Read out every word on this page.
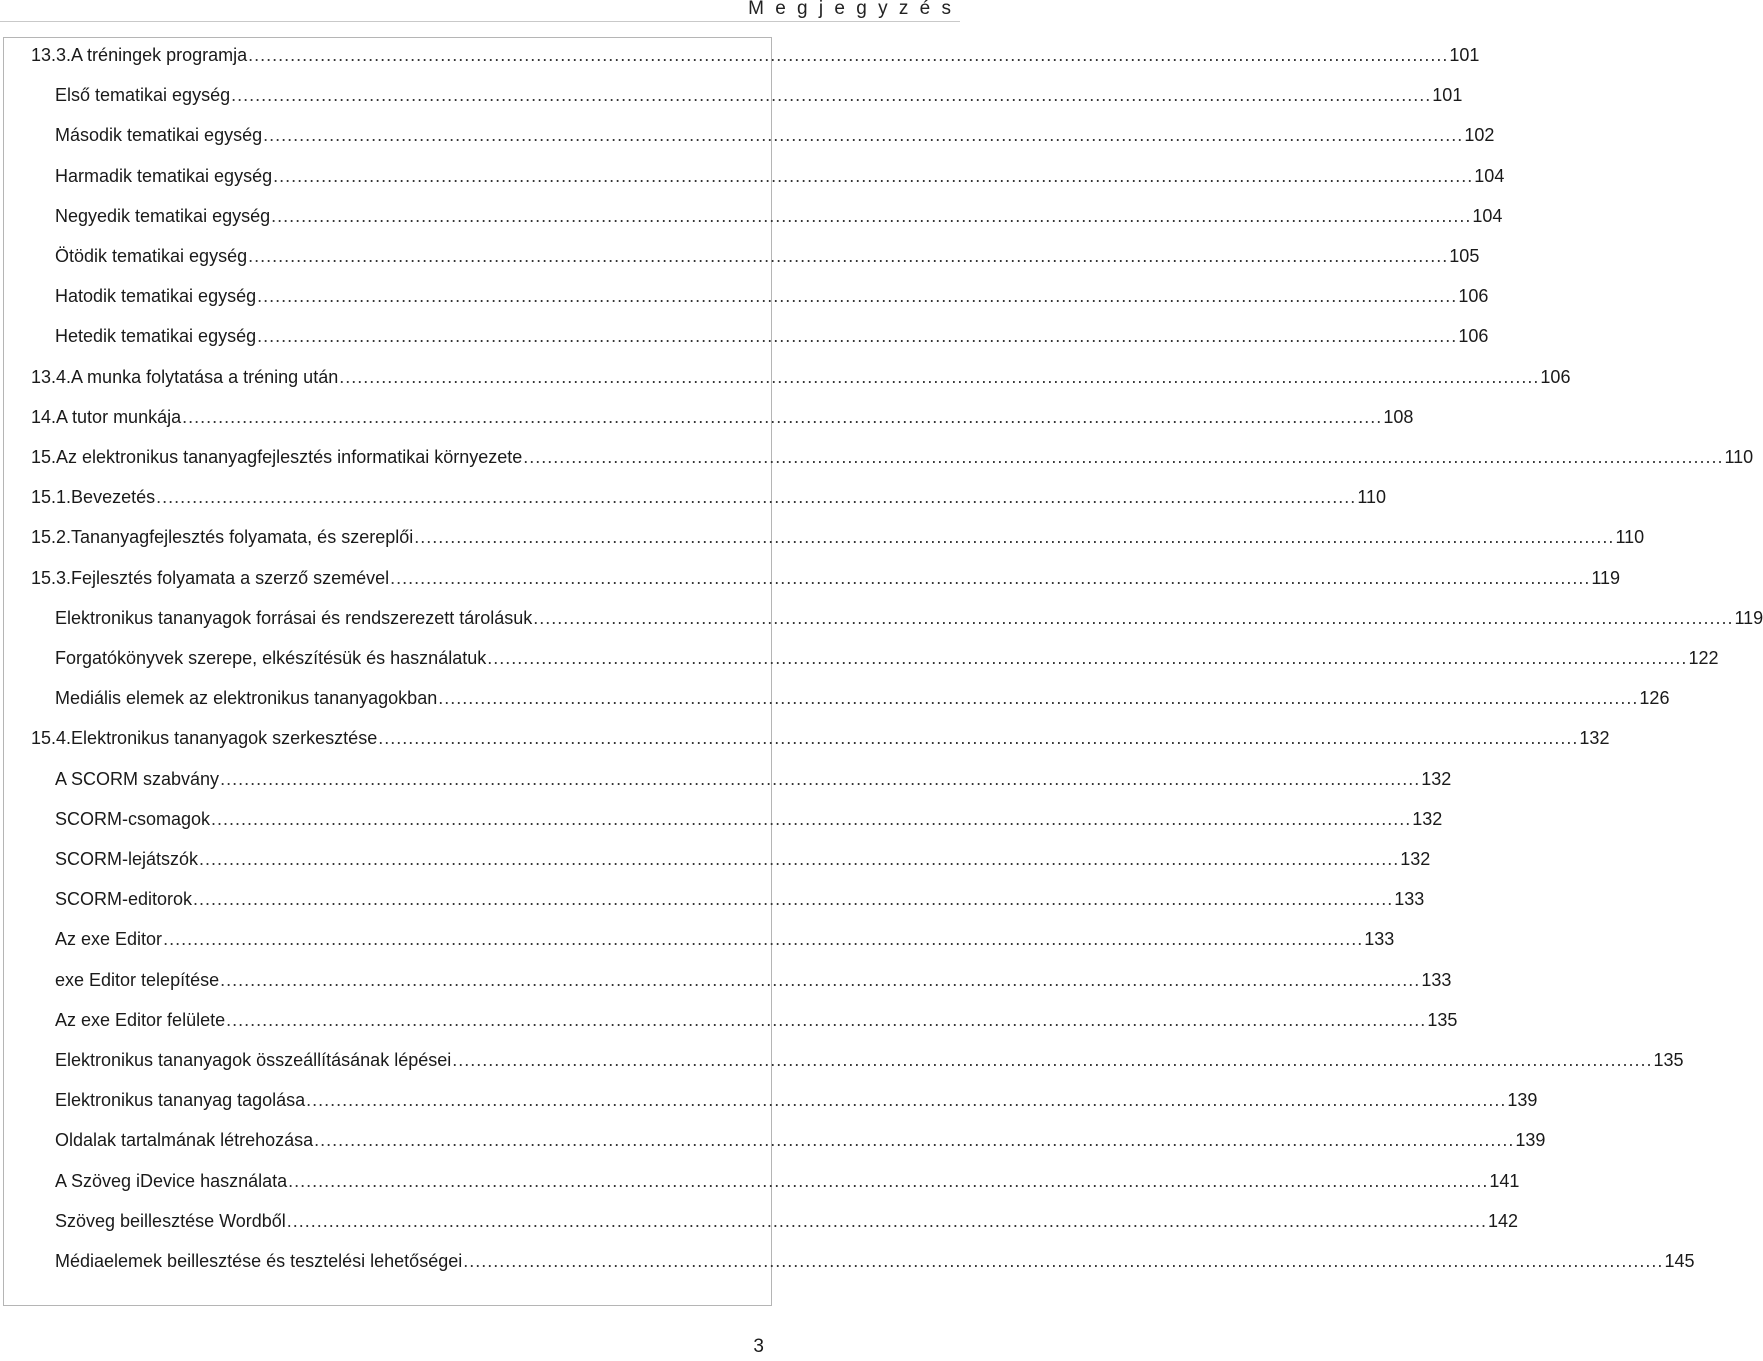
M e g j e g y z é s
13.3. A tréningek programja ........................................................................................................................................................................................................ 101
Első tematikai egység ........................................................................................................................................................................................................ 101
Második tematikai egység ........................................................................................................................................................................................................ 102
Harmadik tematikai egység ........................................................................................................................................................................................................ 104
Negyedik tematikai egység ........................................................................................................................................................................................................ 104
Ötödik tematikai egység ........................................................................................................................................................................................................ 105
Hatodik tematikai egység ........................................................................................................................................................................................................ 106
Hetedik tematikai egység ........................................................................................................................................................................................................ 106
13.4. A munka folytatása a tréning után ........................................................................................................................................................................................................ 106
14. A tutor munkája ........................................................................................................................................................................................................ 108
15. Az elektronikus tananyagfejlesztés informatikai környezete ........................................................................................................................................................................................................ 110
15.1. Bevezetés ........................................................................................................................................................................................................ 110
15.2. Tananyagfejlesztés folyamata, és szereplői ........................................................................................................................................................................................................ 110
15.3. Fejlesztés folyamata a szerző szemével ........................................................................................................................................................................................................ 119
Elektronikus tananyagok forrásai és rendszerezett tárolásuk ........................................................................................................................................................................................................ 119
Forgatókönyvek szerepe, elkészítésük és használatuk ........................................................................................................................................................................................................ 122
Mediális elemek az elektronikus tananyagokban ........................................................................................................................................................................................................ 126
15.4. Elektronikus tananyagok szerkesztése ........................................................................................................................................................................................................ 132
A SCORM szabvány ........................................................................................................................................................................................................ 132
SCORM-csomagok ........................................................................................................................................................................................................ 132
SCORM-lejátszók ........................................................................................................................................................................................................ 132
SCORM-editorok ........................................................................................................................................................................................................ 133
Az exe Editor ........................................................................................................................................................................................................ 133
exe Editor telepítése ........................................................................................................................................................................................................ 133
Az exe Editor felülete ........................................................................................................................................................................................................ 135
Elektronikus tananyagok összeállításának lépései ........................................................................................................................................................................................................ 135
Elektronikus tananyag tagolása ........................................................................................................................................................................................................ 139
Oldalak tartalmának létrehozása ........................................................................................................................................................................................................ 139
A Szöveg iDevice használata ........................................................................................................................................................................................................ 141
Szöveg beillesztése Wordből ........................................................................................................................................................................................................ 142
Médiaelemek beillesztése és tesztelési lehetőségei ........................................................................................................................................................................................................ 145
3
